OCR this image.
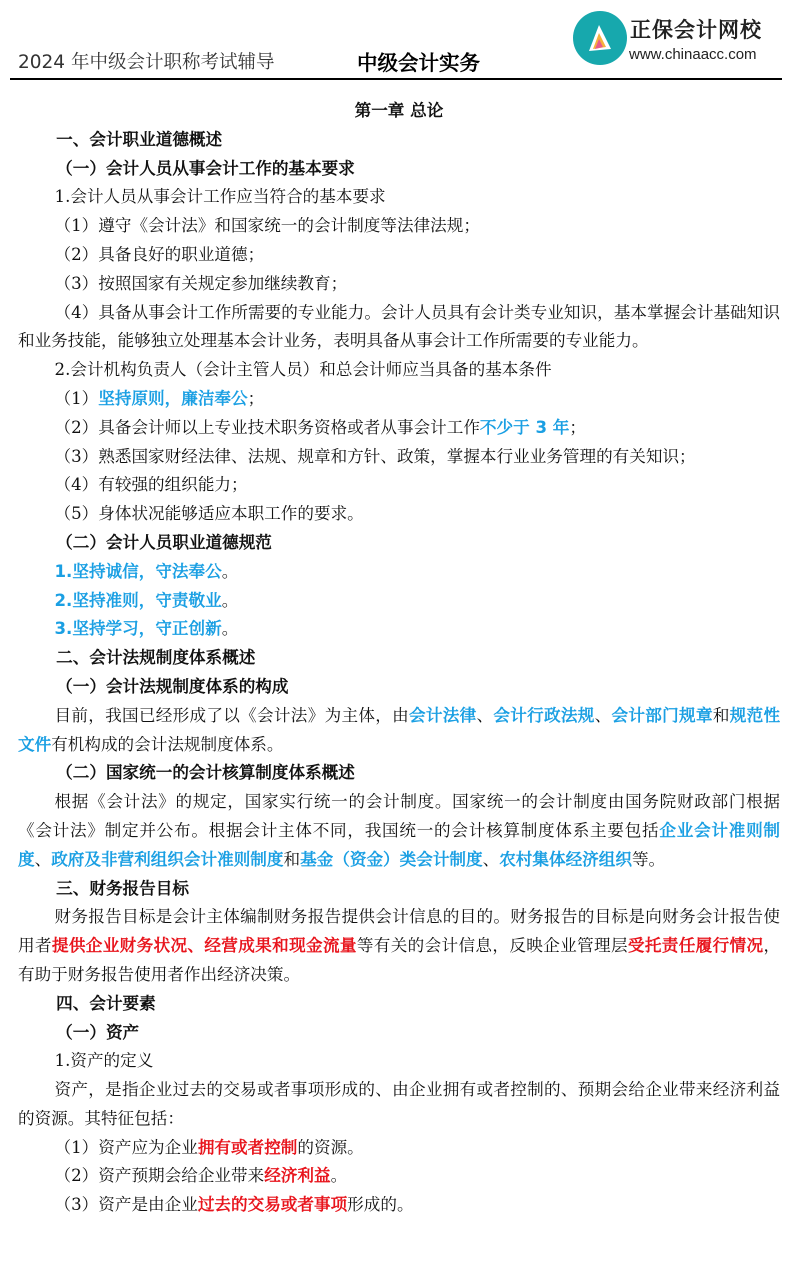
2024 年中级会计职称考试辅导	中级会计实务
正保会计网校
www.chinaacc.com

第一章 总论

一、会计职业道德概述

（一）会计人员从事会计工作的基本要求

1.会计人员从事会计工作应当符合的基本要求

（1）遵守《会计法》和国家统一的会计制度等法律法规；

（2）具备良好的职业道德；

（3）按照国家有关规定参加继续教育；

（4）具备从事会计工作所需要的专业能力。会计人员具有会计类专业知识，基本掌握会计基础知识和业务技能，能够独立处理基本会计业务，表明具备从事会计工作所需要的专业能力。

2.会计机构负责人（会计主管人员）和总会计师应当具备的基本条件

（1）坚持原则，廉洁奉公；

（2）具备会计师以上专业技术职务资格或者从事会计工作不少于 3 年；

（3）熟悉国家财经法律、法规、规章和方针、政策，掌握本行业业务管理的有关知识；

（4）有较强的组织能力；

（5）身体状况能够适应本职工作的要求。

（二）会计人员职业道德规范

1.坚持诚信，守法奉公。

2.坚持准则，守责敬业。

3.坚持学习，守正创新。

二、会计法规制度体系概述

（一）会计法规制度体系的构成

目前，我国已经形成了以《会计法》为主体，由会计法律、会计行政法规、会计部门规章和规范性文件有机构成的会计法规制度体系。

（二）国家统一的会计核算制度体系概述

根据《会计法》的规定，国家实行统一的会计制度。国家统一的会计制度由国务院财政部门根据《会计法》制定并公布。根据会计主体不同，我国统一的会计核算制度体系主要包括企业会计准则制度、政府及非营利组织会计准则制度和基金（资金）类会计制度、农村集体经济组织等。

三、财务报告目标

财务报告目标是会计主体编制财务报告提供会计信息的目的。财务报告的目标是向财务会计报告使用者提供企业财务状况、经营成果和现金流量等有关的会计信息，反映企业管理层受托责任履行情况，有助于财务报告使用者作出经济决策。

四、会计要素

（一）资产

1.资产的定义

资产，是指企业过去的交易或者事项形成的、由企业拥有或者控制的、预期会给企业带来经济利益的资源。其特征包括：

（1）资产应为企业拥有或者控制的资源。

（2）资产预期会给企业带来经济利益。

（3）资产是由企业过去的交易或者事项形成的。
